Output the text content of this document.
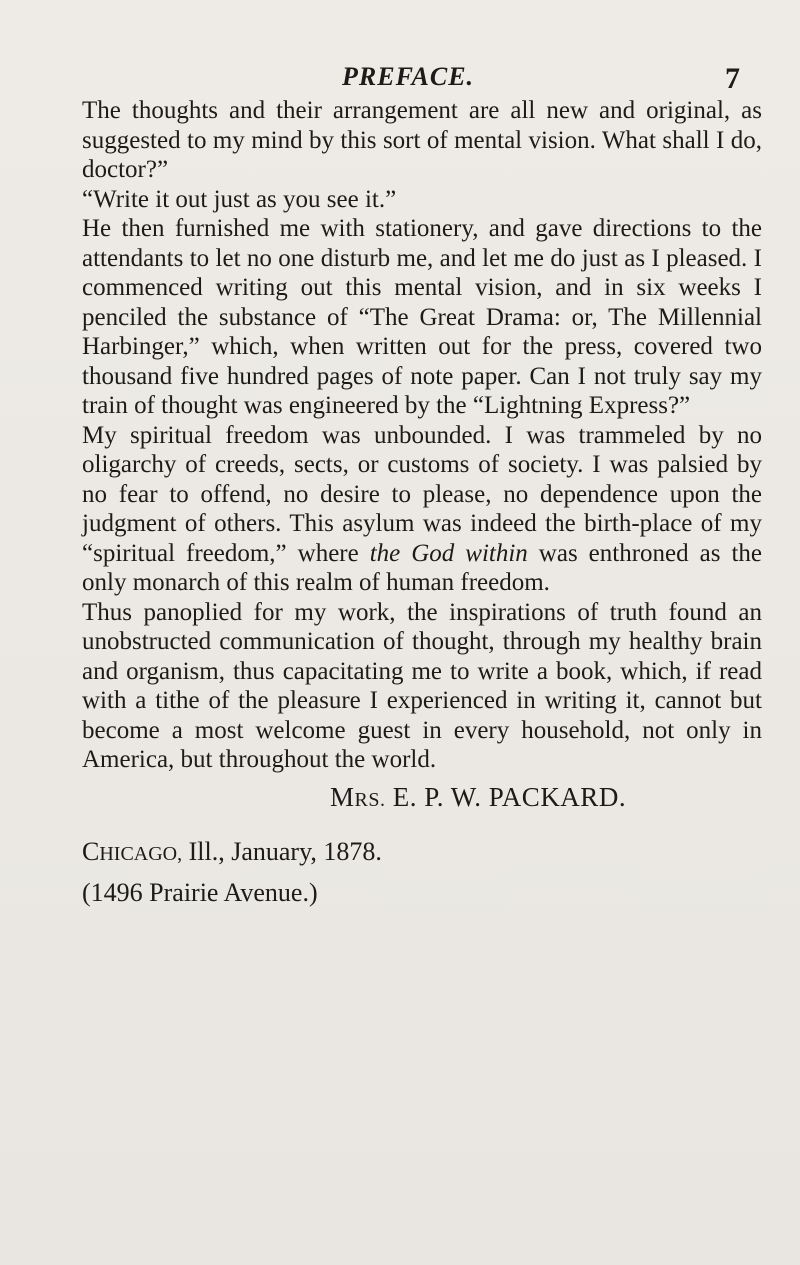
PREFACE.	7

The thoughts and their arrangement are all new and original, as suggested to my mind by this sort of mental vision. What shall I do, doctor?”

“Write it out just as you see it.”

He then furnished me with stationery, and gave directions to the attendants to let no one disturb me, and let me do just as I pleased. I commenced writing out this mental vision, and in six weeks I penciled the substance of “The Great Drama: or, The Millennial Harbinger,” which, when written out for the press, covered two thousand five hundred pages of note paper. Can I not truly say my train of thought was engineered by the “Lightning Express?”

My spiritual freedom was unbounded. I was trammeled by no oligarchy of creeds, sects, or customs of society. I was palsied by no fear to offend, no desire to please, no dependence upon the judgment of others. This asylum was indeed the birth-place of my “spiritual freedom,” where the God within was enthroned as the only monarch of this realm of human freedom.

Thus panoplied for my work, the inspirations of truth found an unobstructed communication of thought, through my healthy brain and organism, thus capacitating me to write a book, which, if read with a tithe of the pleasure I experienced in writing it, cannot but become a most welcome guest in every household, not only in America, but throughout the world.

MRS. E. P. W. PACKARD.
CHICAGO, Ill., January, 1878.
(1496 Prairie Avenue.)
